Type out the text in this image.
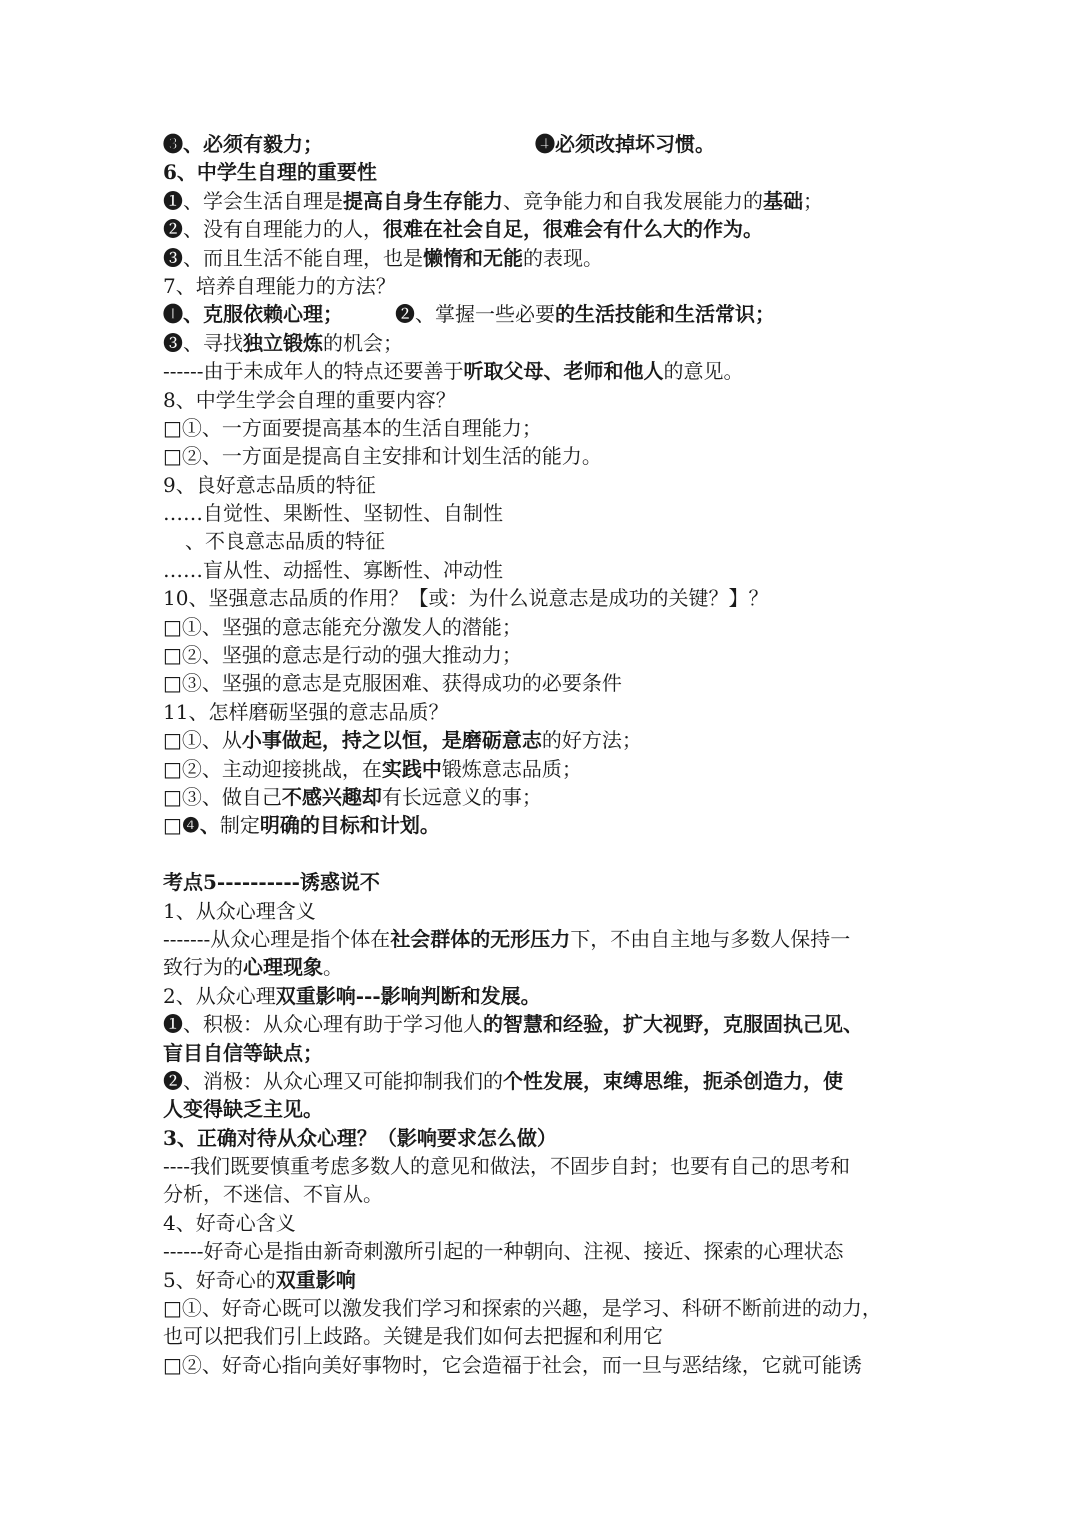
❸、必须有毅力；	❹必须改掉坏习惯。
6、中学生自理的重要性
❶、学会生活自理是提高自身生存能力、竞争能力和自我发展能力的基础；
❷、没有自理能力的人，很难在社会自足，很难会有什么大的作为。
❸、而且生活不能自理，也是懒惰和无能的表现。
7、培养自理能力的方法？
❶、克服依赖心理；	❷、掌握一些必要的生活技能和生活常识；
❸、寻找独立锻炼的机会；
------由于未成年人的特点还要善于听取父母、老师和他人的意见。
8、中学生学会自理的重要内容？
□①、一方面要提高基本的生活自理能力；
□②、一方面是提高自主安排和计划生活的能力。
9、良好意志品质的特征
……自觉性、果断性、坚韧性、自制性
、不良意志品质的特征
……盲从性、动摇性、寡断性、冲动性
10、坚强意志品质的作用？【或：为什么说意志是成功的关键？】？
□①、坚强的意志能充分激发人的潜能；
□②、坚强的意志是行动的强大推动力；
□③、坚强的意志是克服困难、获得成功的必要条件
11、怎样磨砺坚强的意志品质？
□①、从小事做起，持之以恒，是磨砺意志的好方法；
□②、主动迎接挑战，在实践中锻炼意志品质；
□③、做自己不感兴趣却有长远意义的事；
□❹、制定明确的目标和计划。
考点5----------诱惑说不
1、从众心理含义
-------从众心理是指个体在社会群体的无形压力下，不由自主地与多数人保持一
致行为的心理现象。
2、从众心理双重影响---影响判断和发展。
❶、积极：从众心理有助于学习他人的智慧和经验，扩大视野，克服固执己见、
盲目自信等缺点；
❷、消极：从众心理又可能抑制我们的个性发展，束缚思维，扼杀创造力，使
人变得缺乏主见。
3、正确对待从众心理？（影响要求怎么做）
----我们既要慎重考虑多数人的意见和做法，不固步自封；也要有自己的思考和
分析，不迷信、不盲从。
4、好奇心含义
------好奇心是指由新奇刺激所引起的一种朝向、注视、接近、探索的心理状态
5、好奇心的双重影响
□①、好奇心既可以激发我们学习和探索的兴趣，是学习、科研不断前进的动力，
也可以把我们引上歧路。关键是我们如何去把握和利用它
□②、好奇心指向美好事物时，它会造福于社会，而一旦与恶结缘，它就可能诱
